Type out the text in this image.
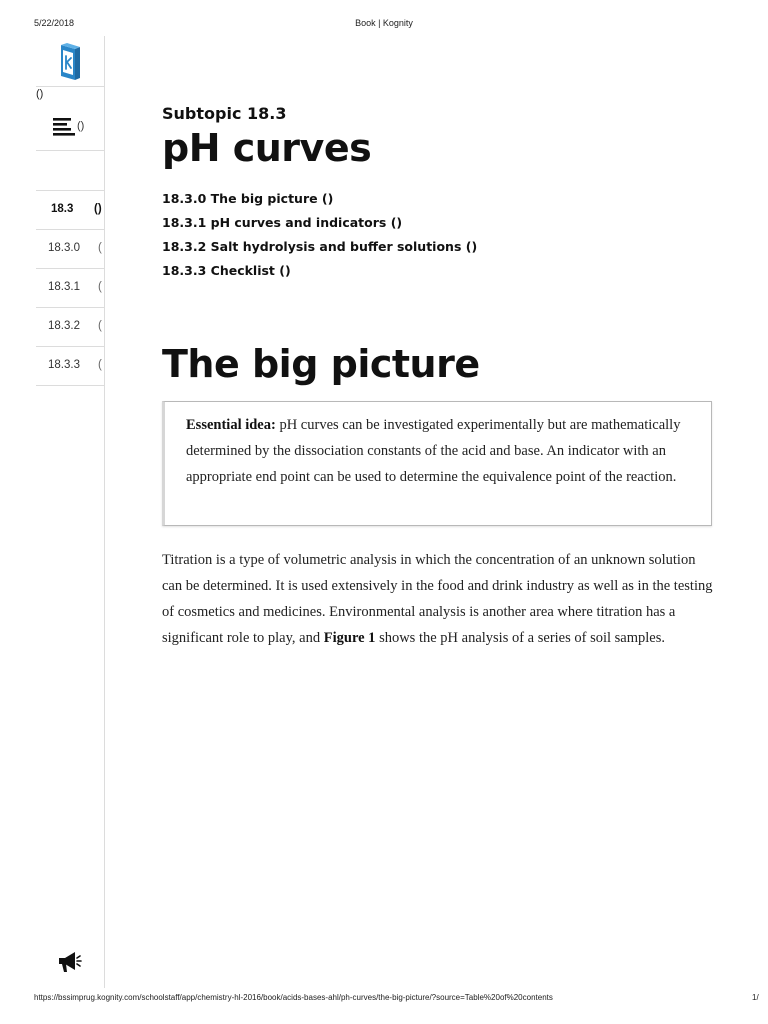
5/22/2018	Book | Kognity
()
()
18.3 ()
18.3.0 (
18.3.1 (
18.3.2 (
18.3.3 (
Subtopic 18.3
pH curves
18.3.0 The big picture ()
18.3.1 pH curves and indicators ()
18.3.2 Salt hydrolysis and buffer solutions ()
18.3.3 Checklist ()
The big picture

Essential idea: pH curves can be investigated experimentally but are mathematically determined by the dissociation constants of the acid and base. An indicator with an appropriate end point can be used to determine the equivalence point of the reaction.

Titration is a type of volumetric analysis in which the concentration of an unknown solution can be determined. It is used extensively in the food and drink industry as well as in the testing of cosmetics and medicines. Environmental analysis is another area where titration has a significant role to play, and Figure 1 shows the pH analysis of a series of soil samples.

https://bssimprug.kognity.com/schoolstaff/app/chemistry-hl-2016/book/acids-bases-ahl/ph-curves/the-big-picture/?source=Table%20of%20contents	1/
